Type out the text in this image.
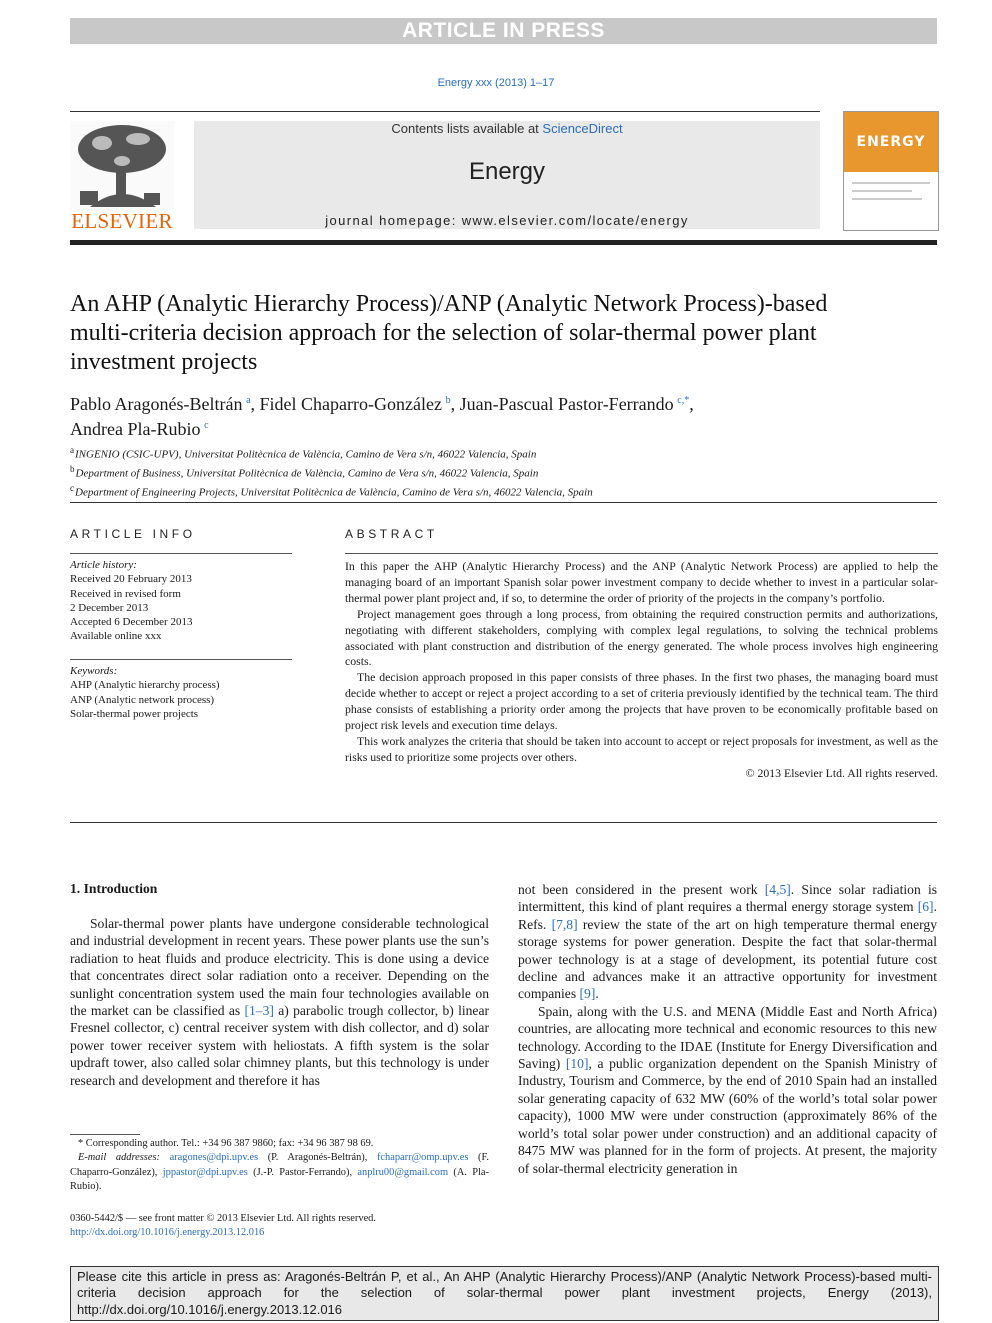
ARTICLE IN PRESS
Energy xxx (2013) 1–17
ELSEVIER
Contents lists available at ScienceDirect
Energy
journal homepage: www.elsevier.com/locate/energy
ENERGY
An AHP (Analytic Hierarchy Process)/ANP (Analytic Network Process)-based multi-criteria decision approach for the selection of solar-thermal power plant investment projects
Pablo Aragonés-Beltrán  $^a$, Fidel Chaparro-González  $^b$, Juan-Pascual Pastor-Ferrando  $^{c,*}$,
Andrea Pla-Rubio  $^c$
$^a$ INGENIO (CSIC-UPV), Universitat Politècnica de València, Camino de Vera s/n, 46022 Valencia, Spain
$^b$ Department of Business, Universitat Politècnica de València, Camino de Vera s/n, 46022 Valencia, Spain
$^c$ Department of Engineering Projects, Universitat Politècnica de València, Camino de Vera s/n, 46022 Valencia, Spain
ARTICLE INFO
Article history:
Received 20 February 2013
Received in revised form
2 December 2013
Accepted 6 December 2013
Available online xxx
Keywords:
AHP (Analytic hierarchy process)
ANP (Analytic network process)
Solar-thermal power projects
ABSTRACT

In this paper the AHP (Analytic Hierarchy Process) and the ANP (Analytic Network Process) are applied to help the managing board of an important Spanish solar power investment company to decide whether to invest in a particular solar-thermal power plant project and, if so, to determine the order of priority of the projects in the company’s portfolio.

Project management goes through a long process, from obtaining the required construction permits and authorizations, negotiating with different stakeholders, complying with complex legal regulations, to solving the technical problems associated with plant construction and distribution of the energy generated. The whole process involves high engineering costs.

The decision approach proposed in this paper consists of three phases. In the first two phases, the managing board must decide whether to accept or reject a project according to a set of criteria previously identified by the technical team. The third phase consists of establishing a priority order among the projects that have proven to be economically profitable based on project risk levels and execution time delays.

This work analyzes the criteria that should be taken into account to accept or reject proposals for investment, as well as the risks used to prioritize some projects over others.

© 2013 Elsevier Ltd. All rights reserved.
1. Introduction

Solar-thermal power plants have undergone considerable technological and industrial development in recent years. These power plants use the sun’s radiation to heat fluids and produce electricity. This is done using a device that concentrates direct solar radiation onto a receiver. Depending on the sunlight concentration system used the main four technologies available on the market can be classified as [1–3] a) parabolic trough collector, b) linear Fresnel collector, c) central receiver system with dish collector, and d) solar power tower receiver system with heliostats. A fifth system is the solar updraft tower, also called solar chimney plants, but this technology is under research and development and therefore it has

not been considered in the present work [4,5]. Since solar radiation is intermittent, this kind of plant requires a thermal energy storage system [6]. Refs. [7,8] review the state of the art on high temperature thermal energy storage systems for power generation. Despite the fact that solar-thermal power technology is at a stage of development, its potential future cost decline and advances make it an attractive opportunity for investment companies [9].

Spain, along with the U.S. and MENA (Middle East and North Africa) countries, are allocating more technical and economic resources to this new technology. According to the IDAE (Institute for Energy Diversification and Saving) [10], a public organization dependent on the Spanish Ministry of Industry, Tourism and Commerce, by the end of 2010 Spain had an installed solar generating capacity of 632 MW (60% of the world’s total solar power capacity), 1000 MW were under construction (approximately 86% of the world’s total solar power under construction) and an additional capacity of 8475 MW was planned for in the form of projects. At present, the majority of solar-thermal electricity generation in

* Corresponding author. Tel.: +34 96 387 9860; fax: +34 96 387 98 69.
E-mail addresses: aragones@dpi.upv.es (P. Aragonés-Beltrán), fchaparr@omp.upv.es (F. Chaparro-González), jppastor@dpi.upv.es (J.-P. Pastor-Ferrando), anplru00@gmail.com (A. Pla-Rubio).
0360-5442/$ — see front matter © 2013 Elsevier Ltd. All rights reserved.
http://dx.doi.org/10.1016/j.energy.2013.12.016
Please cite this article in press as: Aragonés-Beltrán P, et al., An AHP (Analytic Hierarchy Process)/ANP (Analytic Network Process)-based multi-criteria decision approach for the selection of solar-thermal power plant investment projects, Energy (2013), http://dx.doi.org/10.1016/j.energy.2013.12.016
